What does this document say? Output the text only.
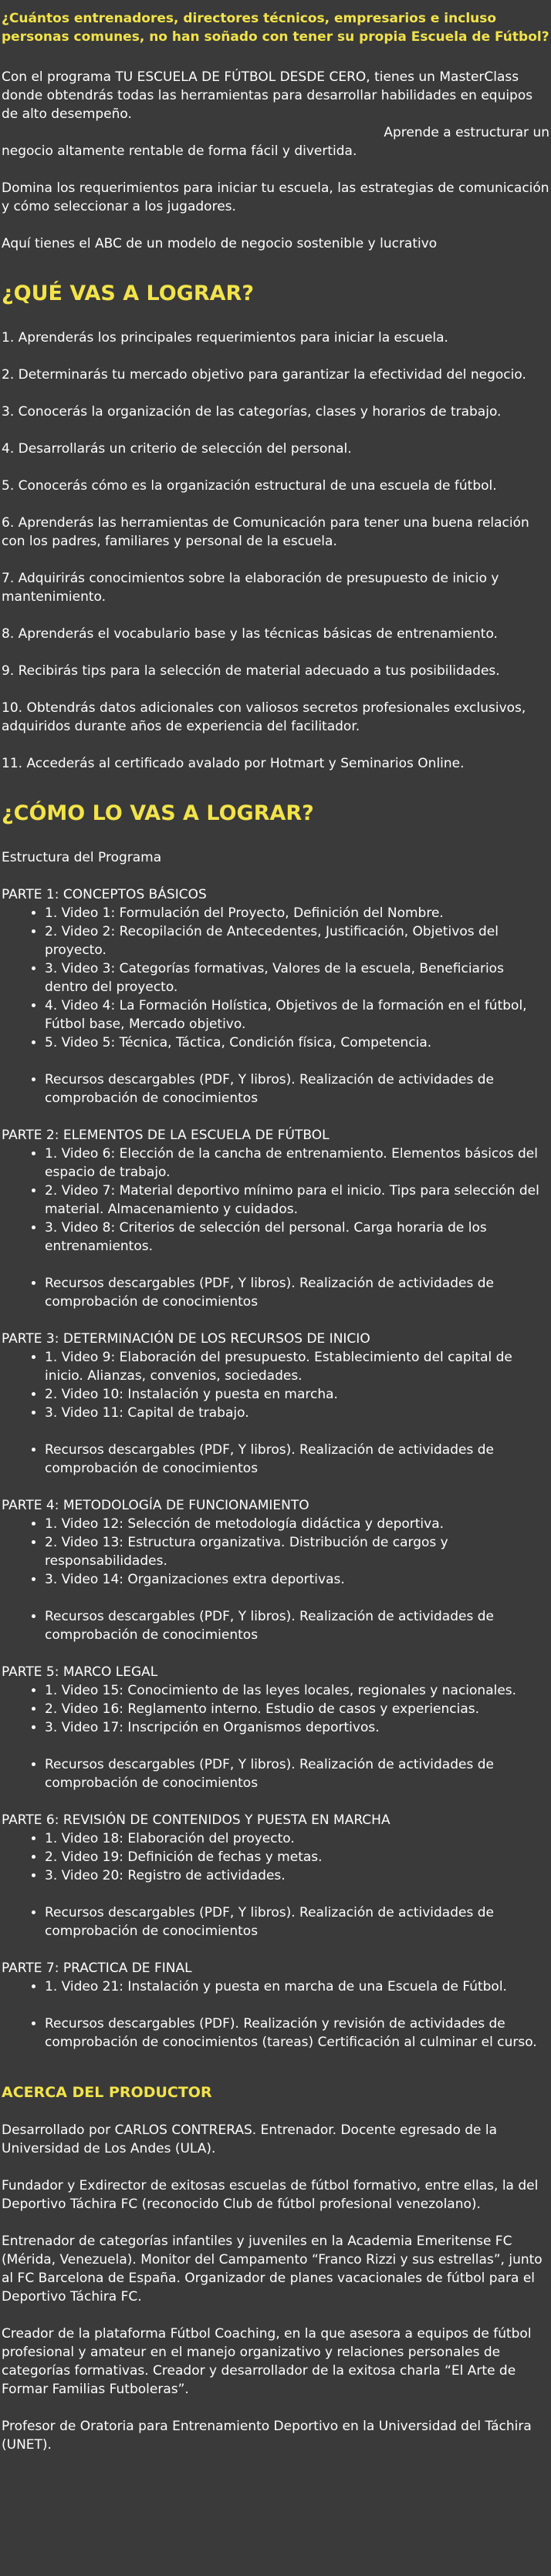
¿Cuántos entrenadores, directores técnicos, empresarios e incluso personas comunes, no han soñado con tener su propia Escuela de Fútbol?

Con el programa TU ESCUELA DE FÚTBOL DESDE CERO, tienes un MasterClass donde obtendrás todas las herramientas para desarrollar habilidades en equipos de alto desempeño.
Aprende a estructurar un
negocio altamente rentable de forma fácil y divertida.

Domina los requerimientos para iniciar tu escuela, las estrategias de comunicación y cómo seleccionar a los jugadores.

Aquí tienes el ABC de un modelo de negocio sostenible y lucrativo

¿QUÉ VAS A LOGRAR?

1. Aprenderás los principales requerimientos para iniciar la escuela.

2. Determinarás tu mercado objetivo para garantizar la efectividad del negocio.

3. Conocerás la organización de las categorías, clases y horarios de trabajo.

4. Desarrollarás un criterio de selección del personal.

5. Conocerás cómo es la organización estructural de una escuela de fútbol.

6. Aprenderás las herramientas de Comunicación para tener una buena relación con los padres, familiares y personal de la escuela.

7. Adquirirás conocimientos sobre la elaboración de presupuesto de inicio y mantenimiento.

8. Aprenderás el vocabulario base y las técnicas básicas de entrenamiento.

9. Recibirás tips para la selección de material adecuado a tus posibilidades.

10. Obtendrás datos adicionales con valiosos secretos profesionales exclusivos, adquiridos durante años de experiencia del facilitador.

11. Accederás al certificado avalado por Hotmart y Seminarios Online.

¿CÓMO LO VAS A LOGRAR?

Estructura del Programa

PARTE 1: CONCEPTOS BÁSICOS

• 1. Video 1: Formulación del Proyecto, Definición del Nombre.
• 2. Video 2: Recopilación de Antecedentes, Justificación, Objetivos del proyecto.
• 3. Video 3: Categorías formativas, Valores de la escuela, Beneficiarios dentro del proyecto.
• 4. Video 4: La Formación Holística, Objetivos de la formación en el fútbol, Fútbol base, Mercado objetivo.
• 5. Video 5: Técnica, Táctica, Condición física, Competencia.
• Recursos descargables (PDF, Y libros). Realización de actividades de comprobación de conocimientos

PARTE 2: ELEMENTOS DE LA ESCUELA DE FÚTBOL

• 1. Video 6: Elección de la cancha de entrenamiento. Elementos básicos del espacio de trabajo.
• 2. Video 7: Material deportivo mínimo para el inicio. Tips para selección del material. Almacenamiento y cuidados.
• 3. Video 8: Criterios de selección del personal. Carga horaria de los entrenamientos.
• Recursos descargables (PDF, Y libros). Realización de actividades de comprobación de conocimientos

PARTE 3: DETERMINACIÓN DE LOS RECURSOS DE INICIO

• 1. Video 9: Elaboración del presupuesto. Establecimiento del capital de inicio. Alianzas, convenios, sociedades.
• 2. Video 10: Instalación y puesta en marcha.
• 3. Video 11: Capital de trabajo.
• Recursos descargables (PDF, Y libros). Realización de actividades de comprobación de conocimientos

PARTE 4: METODOLOGÍA DE FUNCIONAMIENTO

• 1. Video 12: Selección de metodología didáctica y deportiva.
• 2. Video 13: Estructura organizativa. Distribución de cargos y responsabilidades.
• 3. Video 14: Organizaciones extra deportivas.
• Recursos descargables (PDF, Y libros). Realización de actividades de comprobación de conocimientos

PARTE 5: MARCO LEGAL

• 1. Video 15: Conocimiento de las leyes locales, regionales y nacionales.
• 2. Video 16: Reglamento interno. Estudio de casos y experiencias.
• 3. Video 17: Inscripción en Organismos deportivos.
• Recursos descargables (PDF, Y libros). Realización de actividades de comprobación de conocimientos

PARTE 6: REVISIÓN DE CONTENIDOS Y PUESTA EN MARCHA

• 1. Video 18: Elaboración del proyecto.
• 2. Video 19: Definición de fechas y metas.
• 3. Video 20: Registro de actividades.
• Recursos descargables (PDF, Y libros). Realización de actividades de comprobación de conocimientos

PARTE 7: PRACTICA DE FINAL

• 1. Video 21: Instalación y puesta en marcha de una Escuela de Fútbol.
• Recursos descargables (PDF). Realización y revisión de actividades de comprobación de conocimientos (tareas) Certificación al culminar el curso.
ACERCA DEL PRODUCTOR

Desarrollado por CARLOS CONTRERAS. Entrenador. Docente egresado de la Universidad de Los Andes (ULA).

Fundador y Exdirector de exitosas escuelas de fútbol formativo, entre ellas, la del Deportivo Táchira FC (reconocido Club de fútbol profesional venezolano).

Entrenador de categorías infantiles y juveniles en la Academia Emeritense FC (Mérida, Venezuela). Monitor del Campamento “Franco Rizzi y sus estrellas”, junto al FC Barcelona de España. Organizador de planes vacacionales de fútbol para el Deportivo Táchira FC.

Creador de la plataforma Fútbol Coaching, en la que asesora a equipos de fútbol profesional y amateur en el manejo organizativo y relaciones personales de categorías formativas. Creador y desarrollador de la exitosa charla “El Arte de Formar Familias Futboleras”.

Profesor de Oratoria para Entrenamiento Deportivo en la Universidad del Táchira (UNET).
